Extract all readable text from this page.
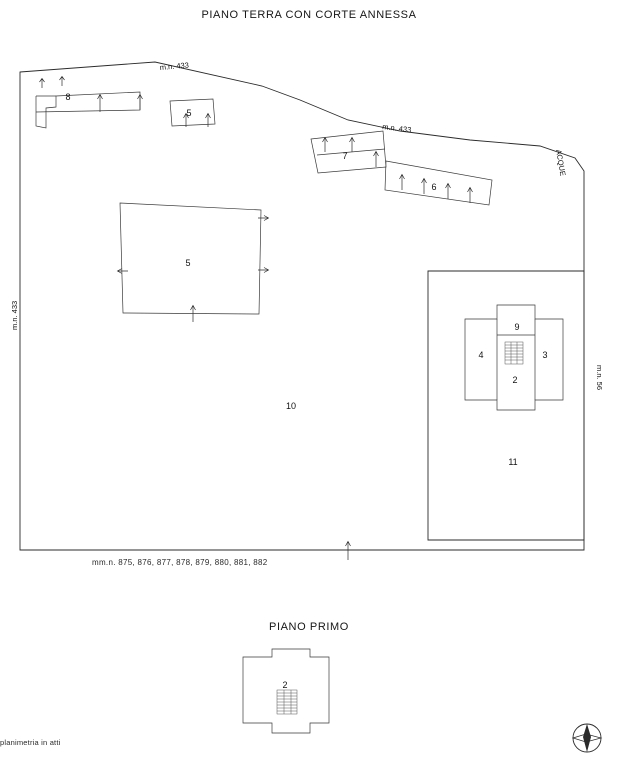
PIANO TERRA CON CORTE ANNESSA
PIANO PRIMO
mm.n. 875, 876, 877, 878, 879, 880, 881, 882
planimetria in atti
8
5
7
6
5
10
11
9
4	3
2
m.n. 433
m.n. 433
ACQUE
m.n. 433
m.n. 56
2
